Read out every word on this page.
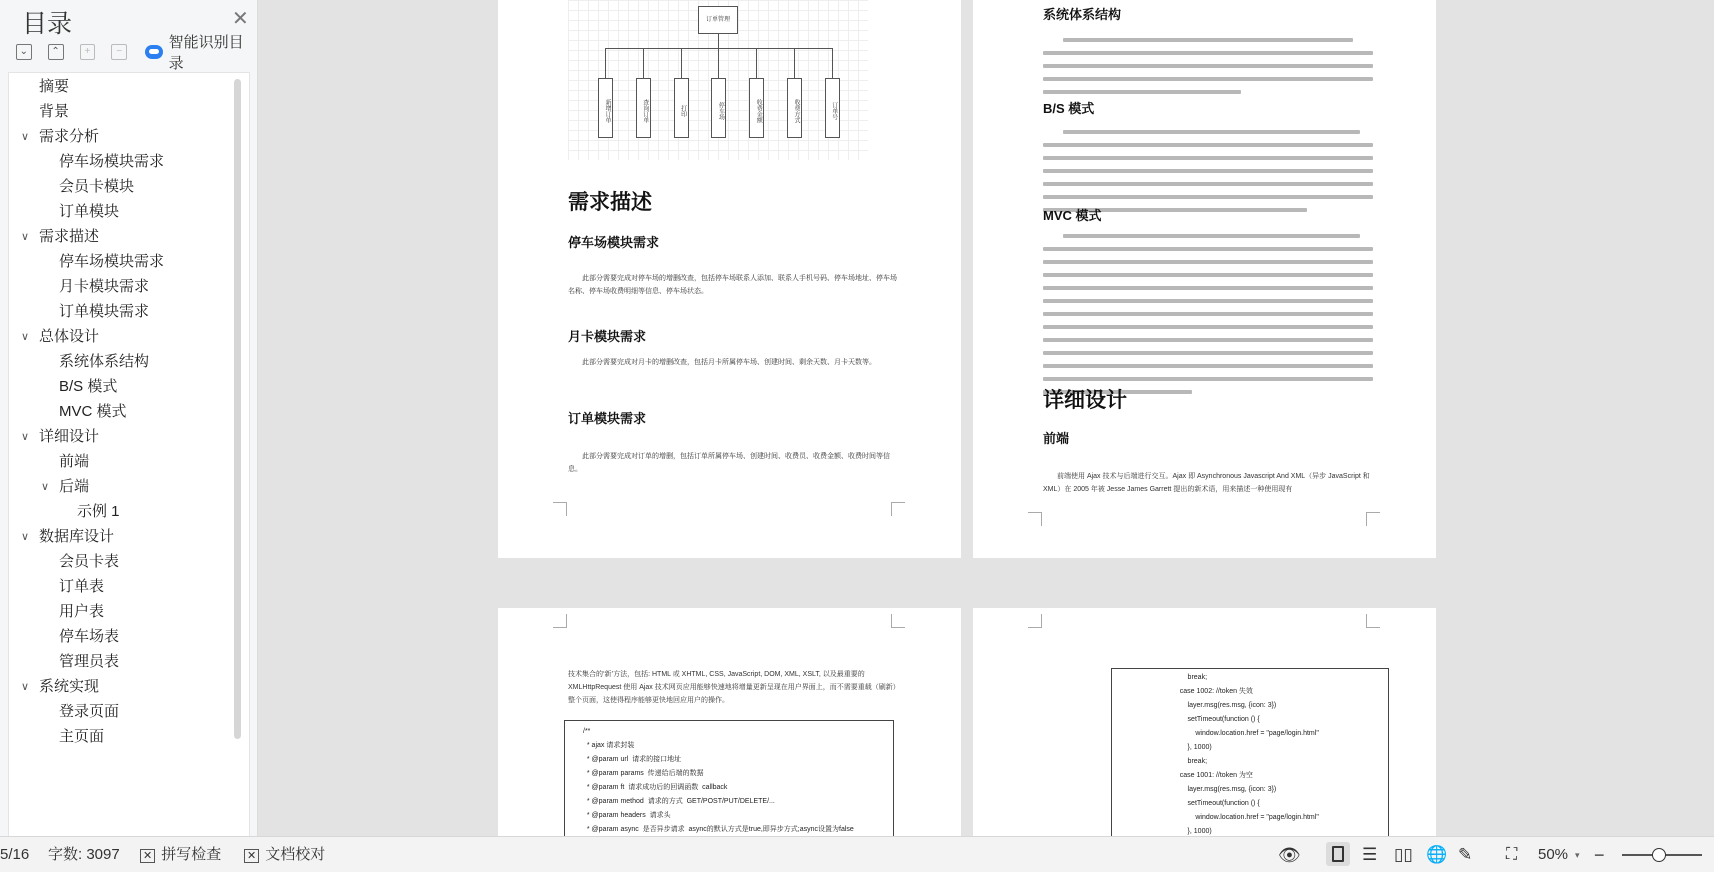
目录	✕
⌄	⌃	+	−
智能识别目录
摘要
背景
∨ 需求分析
停车场模块需求
会员卡模块
订单模块
∨ 需求描述
停车场模块需求
月卡模块需求
订单模块需求
∨ 总体设计
系统体系结构
B/S 模式
MVC 模式
∨ 详细设计
前端
∨ 后端
示例 1
∨ 数据库设计
会员卡表
订单表
用户表
停车场表
管理员表
∨ 系统实现
登录页面
主页面
订单管理
新增订单	查询订单	打印	停车场	收费金额	收费方式	订单号
需求描述
停车场模块需求
此部分需要完成对停车场的增删改查，包括停车场联系人添加、联系人手机号码、停车场地址、停车场名称、停车场收费明细等信息、停车场状态。
月卡模块需求
此部分需要完成对月卡的增删改查，包括月卡所属停车场、创建时间、剩余天数、月卡天数等。
订单模块需求
此部分需要完成对订单的增删，包括订单所属停车场、创建时间、收费员、收费金额、收费时间等信息。
系统体系结构
B/S 模式
MVC 模式
详细设计
前端
前端使用 Ajax 技术与后端进行交互。Ajax 即 Asynchronous Javascript And XML（异步 JavaScript 和 XML）在 2005 年被 Jesse James Garrett 提出的新术语，用来描述一种使用现有
技术集合的‘新’方法，包括: HTML 或 XHTML, CSS, JavaScript, DOM, XML, XSLT, 以及最重要的 XMLHttpRequest 使用 Ajax 技术网页应用能够快速地将增量更新呈现在用户界面上，而不需要重载（刷新）整个页面，这使得程序能够更快地回应用户的操作。
/**
* ajax 请求封装
* @param url  请求的接口地址
* @param params  传递给后端的数据
* @param ft  请求成功后的回调函数  callback
* @param method  请求的方式  GET/POST/PUT/DELETE/...
* @param headers  请求头
* @param async  是否异步请求  async的默认方式是true,即异步方式;async设置为false

break;
case 1002: //token 失效
layer.msg(res.msg, {icon: 3})
setTimeout(function () {
window.location.href = "page/login.html"
}, 1000)
break;
case 1001: //token 为空
layer.msg(res.msg, {icon: 3})
setTimeout(function () {
window.location.href = "page/login.html"
}, 1000)

5/16 字数: 3097 ✕ 拼写检查 ✕ 文档校对	👁	☰ ▯▯ 🌐 ✎ ⛶ 50% ▾ −
